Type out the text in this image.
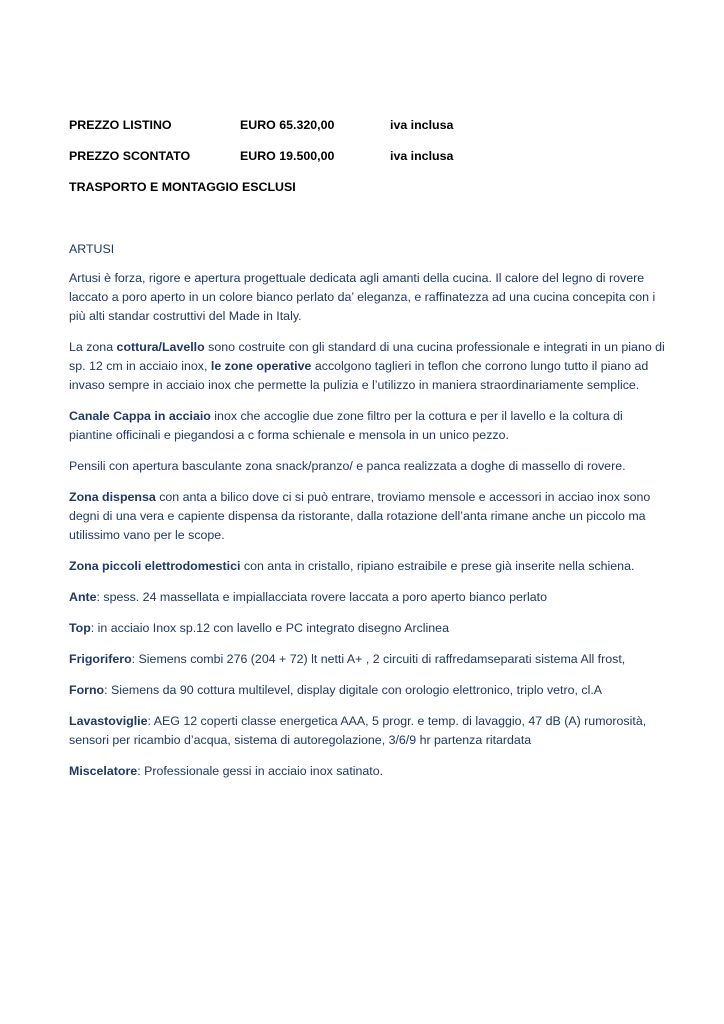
PREZZO LISTINO	EURO 65.320,00	iva inclusa
PREZZO SCONTATO	EURO 19.500,00	iva inclusa
TRASPORTO E MONTAGGIO ESCLUSI

ARTUSI

Artusi è forza, rigore e apertura progettuale dedicata agli amanti della cucina. Il calore del legno di rovere laccato a poro aperto in un colore bianco perlato da’ eleganza, e raffinatezza ad una cucina concepita con i più alti standar costruttivi del Made in Italy.

La zona cottura/Lavello sono costruite con gli standard di una cucina professionale e integrati in un piano di sp. 12 cm in acciaio inox, le zone operative accolgono taglieri in teflon che corrono lungo tutto il piano ad invaso sempre in acciaio inox che permette la pulizia e l’utilizzo in maniera straordinariamente semplice.

Canale Cappa in acciaio inox che accoglie due zone filtro per la cottura e per il lavello e la coltura di piantine officinali e piegandosi a c forma schienale e mensola in un unico pezzo.

Pensili con apertura basculante zona snack/pranzo/ e panca realizzata a doghe di massello di rovere.

Zona dispensa con anta a bilico dove ci si può entrare, troviamo mensole e accessori in acciao inox sono degni di una vera e capiente dispensa da ristorante, dalla rotazione dell’anta rimane anche un piccolo ma utilissimo vano per le scope.

Zona piccoli elettrodomestici con anta in cristallo, ripiano estraibile e prese già inserite nella schiena.

Ante: spess. 24 massellata e impiallacciata rovere laccata a poro aperto bianco perlato

Top: in acciaio Inox sp.12 con lavello e PC integrato disegno Arclinea

Frigorifero: Siemens combi 276 (204 + 72) lt netti A+ , 2 circuiti di raffredamseparati sistema All frost,

Forno: Siemens da 90 cottura multilevel, display digitale con orologio elettronico, triplo vetro, cl.A

Lavastoviglie: AEG 12 coperti classe energetica AAA, 5 progr. e temp. di lavaggio, 47 dB (A) rumorosità, sensori per ricambio d’acqua, sistema di autoregolazione, 3/6/9 hr partenza ritardata

Miscelatore: Professionale gessi in acciaio inox satinato.
